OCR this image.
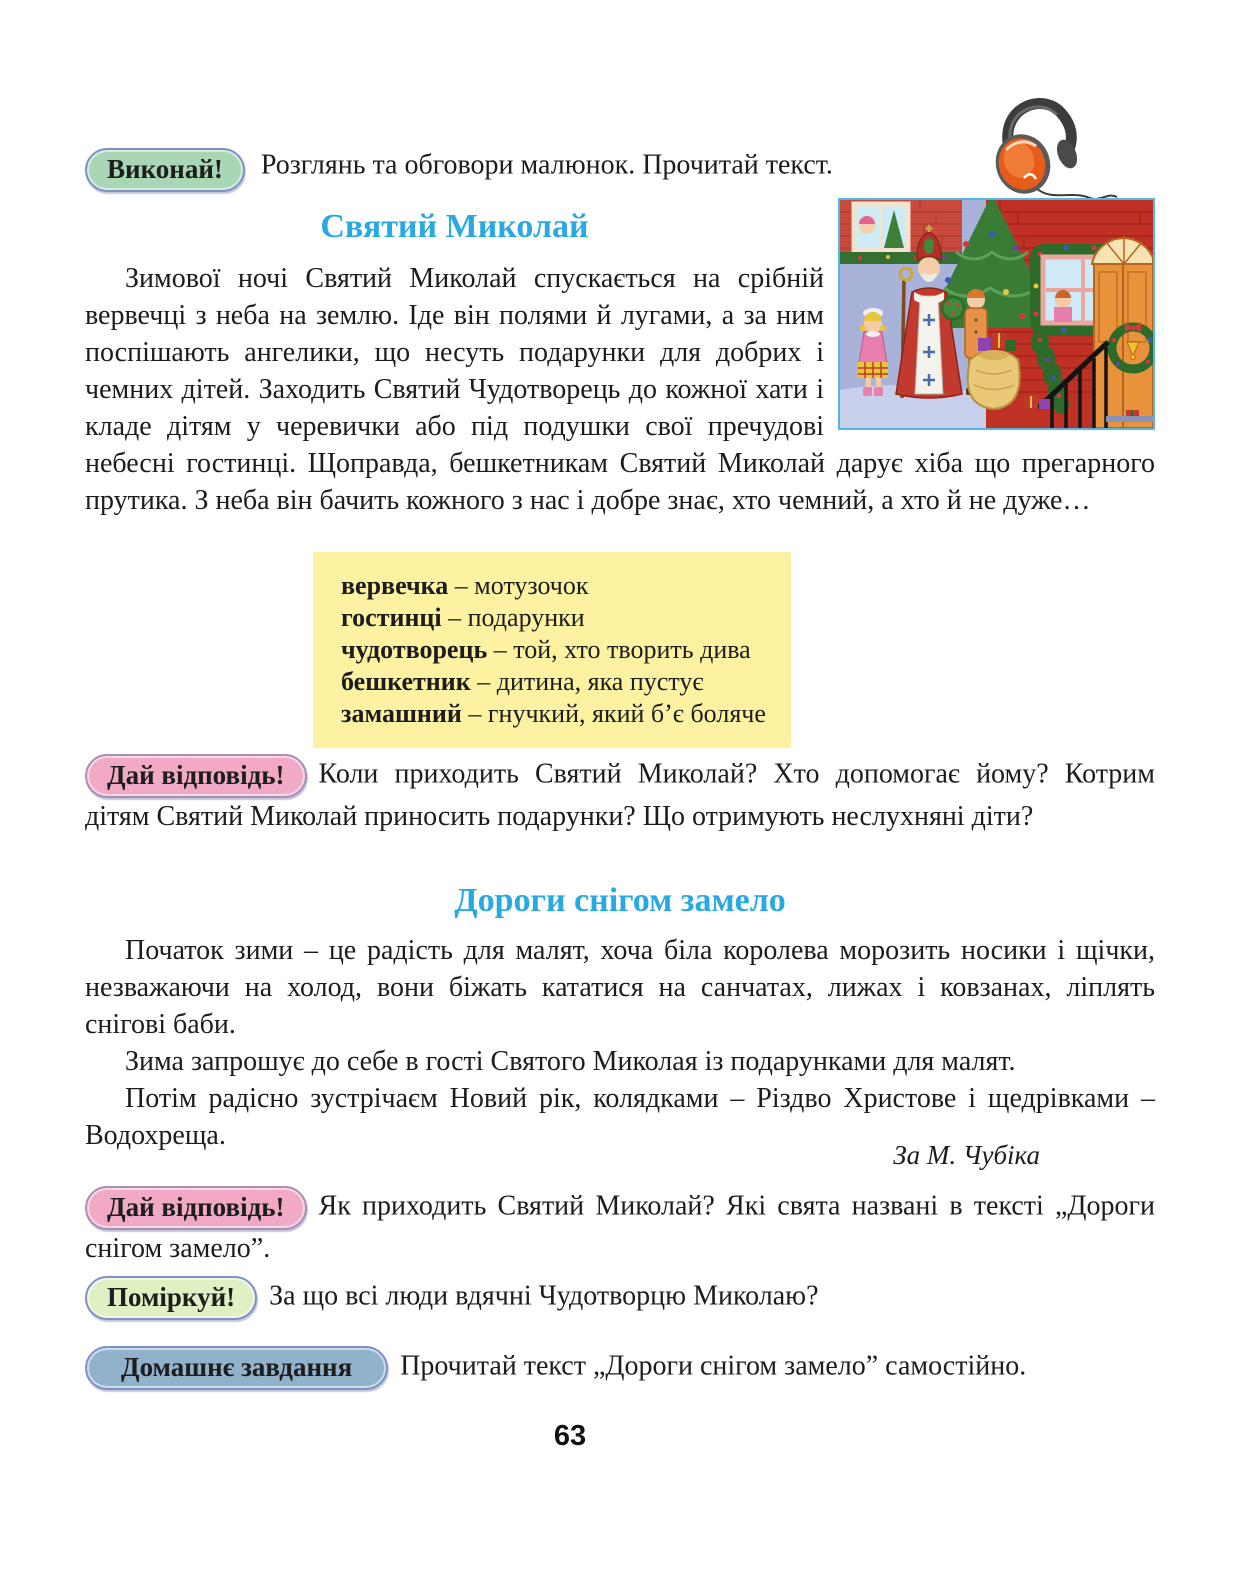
Виконай! Розглянь та обговори малюнок. Прочитай текст.
Святий Миколай

Зимової ночі Святий Миколай спускається на срібній вервечці з неба на землю. Іде він полями й лугами, а за ним поспішають ангелики, що несуть подарунки для добрих і чемних дітей. Заходить Святий Чудотворець до кожної хати і кладе дітям у черевички або під подушки свої пречудові небесні гостинці. Щоправда, бешкетникам Святий Миколай дарує хіба що прегарного прутика. З неба він бачить кожного з нас і добре знає, хто чемний, а хто й не дуже…

вервечка – мотузочок
гостинці – подарунки
чудотворець – той, хто творить дива
бешкетник – дитина, яка пустує
замашний – гнучкий, який б’є боляче

Дай відповідь! Коли приходить Святий Миколай? Хто допомогає йому? Котрим дітям Святий Миколай приносить подарунки? Що отримують неслухняні діти?

Дороги снігом замело

Початок зими – це радість для малят, хоча біла королева морозить носики і щічки, незважаючи на холод, вони біжать кататися на санчатах, лижах і ковзанах, ліплять снігові баби.

Зима запрошує до себе в гості Святого Миколая із подарунками для малят.

Потім радісно зустрічаєм Новий рік, колядками – Різдво Христове і щедрівками – Водохреща.

За М. Чубіка

Дай відповідь! Як приходить Святий Миколай? Які свята названі в тексті „Дороги снігом замело”.

Поміркуй! За що всі люди вдячні Чудотворцю Миколаю?

Домашнє завдання Прочитай текст „Дороги снігом замело” самостійно.

63
